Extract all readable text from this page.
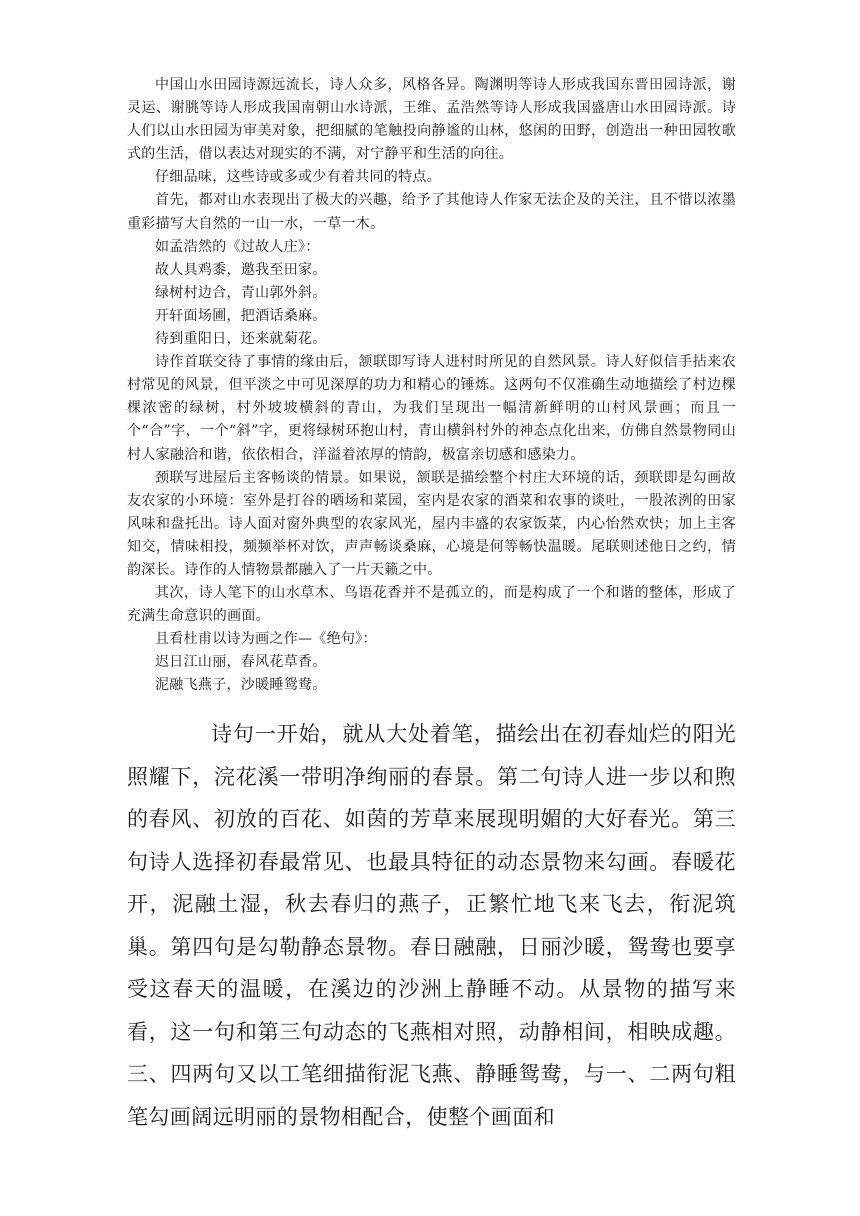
中国山水田园诗源远流长，诗人众多，风格各异。陶渊明等诗人形成我国东晋田园诗派，谢灵运、谢朓等诗人形成我国南朝山水诗派，王维、孟浩然等诗人形成我国盛唐山水田园诗派。诗人们以山水田园为审美对象，把细腻的笔触投向静谧的山林，悠闲的田野，创造出一种田园牧歌式的生活，借以表达对现实的不满，对宁静平和生活的向往。

仔细品味，这些诗或多或少有着共同的特点。

首先，都对山水表现出了极大的兴趣，给予了其他诗人作家无法企及的关注，且不惜以浓墨重彩描写大自然的一山一水，一草一木。

如孟浩然的《过故人庄》：

故人具鸡黍，邀我至田家。

绿树村边合，青山郭外斜。

开轩面场圃，把酒话桑麻。

待到重阳日，还来就菊花。

诗作首联交待了事情的缘由后，颔联即写诗人进村时所见的自然风景。诗人好似信手拈来农村常见的风景，但平淡之中可见深厚的功力和精心的锤炼。这两句不仅准确生动地描绘了村边棵棵浓密的绿树，村外坡坡横斜的青山，为我们呈现出一幅清新鲜明的山村风景画；而且一个“合”字，一个“斜”字，更将绿树环抱山村，青山横斜村外的神态点化出来，仿佛自然景物同山村人家融洽和谐，依依相合，洋溢着浓厚的情韵，极富亲切感和感染力。

颈联写进屋后主客畅谈的情景。如果说，颔联是描绘整个村庄大环境的话，颈联即是勾画故友农家的小环境：室外是打谷的晒场和菜园，室内是农家的酒菜和农事的谈吐，一股浓洌的田家风味和盘托出。诗人面对窗外典型的农家风光，屋内丰盛的农家饭菜，内心怡然欢快；加上主客知交，情味相投，频频举杯对饮，声声畅谈桑麻，心境是何等畅快温暖。尾联则述他日之约，情韵深长。诗作的人情物景都融入了一片天籁之中。

其次，诗人笔下的山水草木、鸟语花香并不是孤立的，而是构成了一个和谐的整体，形成了充满生命意识的画面。

且看杜甫以诗为画之作—《绝句》：

迟日江山丽，春风花草香。

泥融飞燕子，沙暖睡鸳鸯。

诗句一开始，就从大处着笔，描绘出在初春灿烂的阳光照耀下，浣花溪一带明净绚丽的春景。第二句诗人进一步以和煦的春风、初放的百花、如茵的芳草来展现明媚的大好春光。第三句诗人选择初春最常见、也最具特征的动态景物来勾画。春暖花开，泥融土湿，秋去春归的燕子，正繁忙地飞来飞去，衔泥筑巢。第四句是勾勒静态景物。春日融融，日丽沙暖，鸳鸯也要享受这春天的温暖，在溪边的沙洲上静睡不动。从景物的描写来看，这一句和第三句动态的飞燕相对照，动静相间，相映成趣。三、四两句又以工笔细描衔泥飞燕、静睡鸳鸯，与一、二两句粗笔勾画阔远明丽的景物相配合，使整个画面和
